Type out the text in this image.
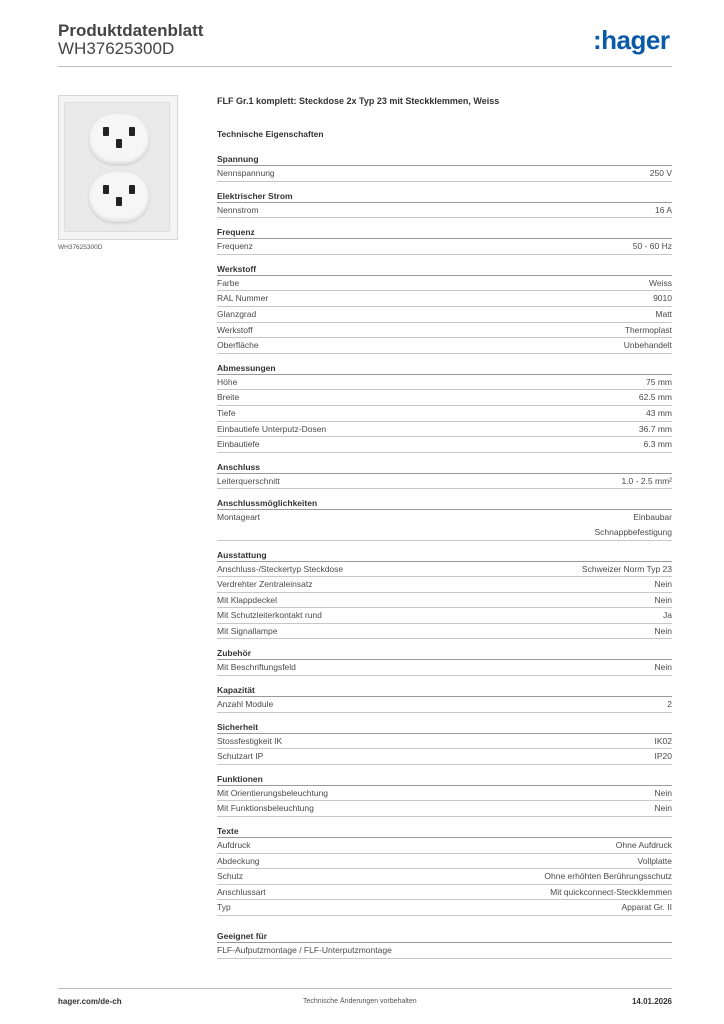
Produktdatenblatt
WH37625300D	:hager
WH37625300D
FLF Gr.1 komplett: Steckdose 2x Typ 23 mit Steckklemmen, Weiss
Technische Eigenschaften
Spannung
Nennspannung	250 V
Elektrischer Strom
Nennstrom	16 A
Frequenz
Frequenz	50 - 60 Hz
Werkstoff
Farbe	Weiss
RAL Nummer	9010
Glanzgrad	Matt
Werkstoff	Thermoplast
Oberfläche	Unbehandelt
Abmessungen
Höhe	75 mm
Breite	62.5 mm
Tiefe	43 mm
Einbautiefe Unterputz-Dosen	36.7 mm
Einbautiefe	6.3 mm
Anschluss
Leiterquerschnitt	1.0 - 2.5 mm²
Anschlussmöglichkeiten
Montageart	Einbaubar
Schnappbefestigung
Ausstattung
Anschluss-/Steckertyp Steckdose	Schweizer Norm Typ 23
Verdrehter Zentraleinsatz	Nein
Mit Klappdeckel	Nein
Mit Schutzleiterkontakt rund	Ja
Mit Signallampe	Nein
Zubehör
Mit Beschriftungsfeld	Nein
Kapazität
Anzahl Module	2
Sicherheit
Stossfestigkeit IK	IK02
Schutzart IP	IP20
Funktionen
Mit Orientierungsbeleuchtung	Nein
Mit Funktionsbeleuchtung	Nein
Texte
Aufdruck	Ohne Aufdruck
Abdeckung	Vollplatte
Schutz	Ohne erhöhten Berührungsschutz
Anschlussart	Mit quickconnect-Steckklemmen
Typ	Apparat Gr. II
Geeignet für
FLF-Aufputzmontage / FLF-Unterputzmontage
hager.com/de-ch	Technische Änderungen vorbehalten	14.01.2026
